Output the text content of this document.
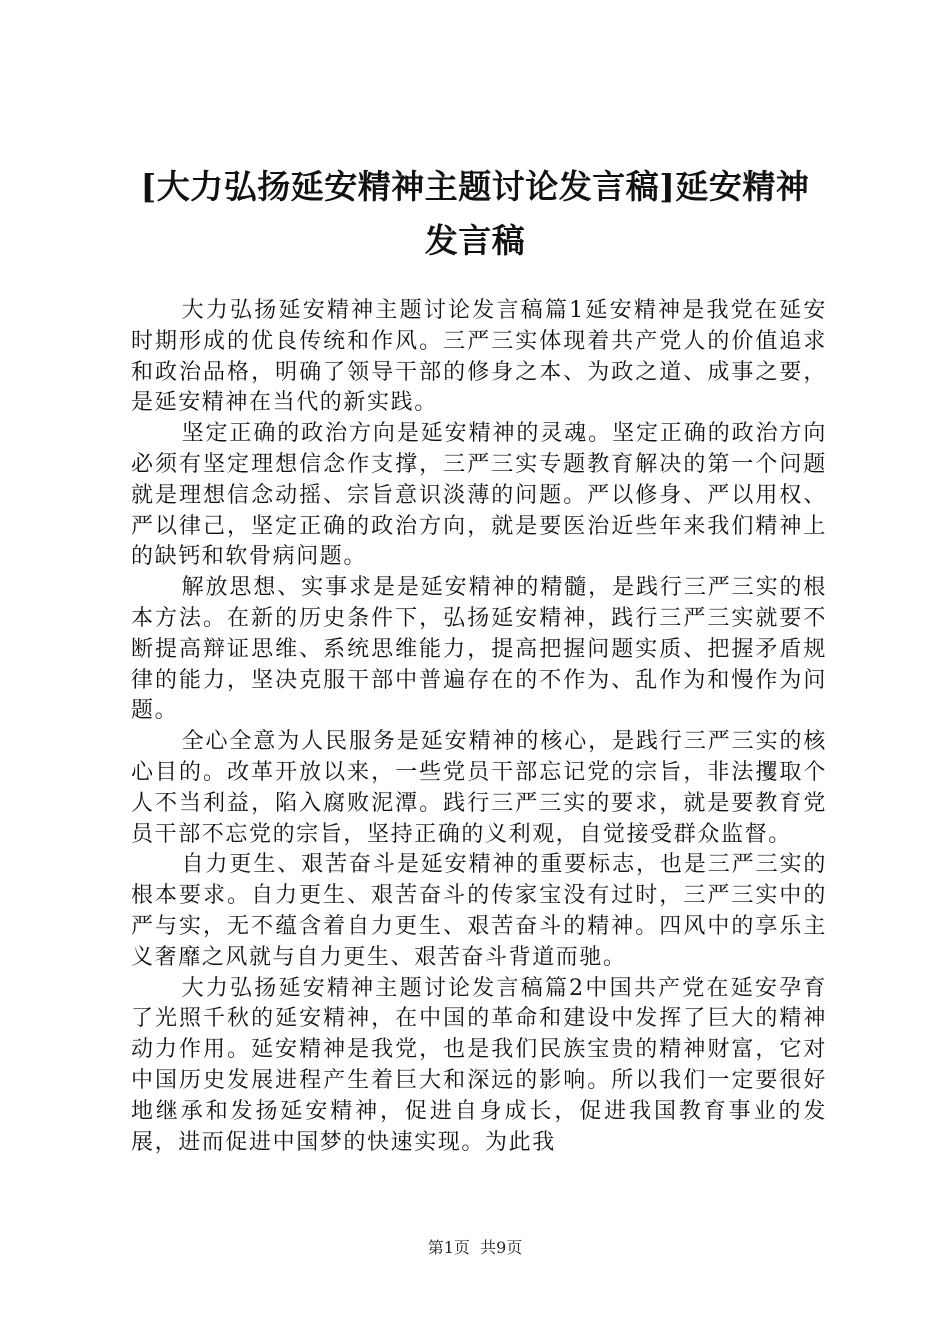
[大力弘扬延安精神主题讨论发言稿]延安精神
发言稿

大力弘扬延安精神主题讨论发言稿篇1延安精神是我党在延安时期形成的优良传统和作风。三严三实体现着共产党人的价值追求和政治品格，明确了领导干部的修身之本、为政之道、成事之要，是延安精神在当代的新实践。

坚定正确的政治方向是延安精神的灵魂。坚定正确的政治方向必须有坚定理想信念作支撑，三严三实专题教育解决的第一个问题就是理想信念动摇、宗旨意识淡薄的问题。严以修身、严以用权、严以律己，坚定正确的政治方向，就是要医治近些年来我们精神上的缺钙和软骨病问题。

解放思想、实事求是是延安精神的精髓，是践行三严三实的根本方法。在新的历史条件下，弘扬延安精神，践行三严三实就要不断提高辩证思维、系统思维能力，提高把握问题实质、把握矛盾规律的能力，坚决克服干部中普遍存在的不作为、乱作为和慢作为问题。

全心全意为人民服务是延安精神的核心，是践行三严三实的核心目的。改革开放以来，一些党员干部忘记党的宗旨，非法攫取个人不当利益，陷入腐败泥潭。践行三严三实的要求，就是要教育党员干部不忘党的宗旨，坚持正确的义利观，自觉接受群众监督。

自力更生、艰苦奋斗是延安精神的重要标志，也是三严三实的根本要求。自力更生、艰苦奋斗的传家宝没有过时，三严三实中的严与实，无不蕴含着自力更生、艰苦奋斗的精神。四风中的享乐主义奢靡之风就与自力更生、艰苦奋斗背道而驰。

大力弘扬延安精神主题讨论发言稿篇2中国共产党在延安孕育了光照千秋的延安精神，在中国的革命和建设中发挥了巨大的精神动力作用。延安精神是我党，也是我们民族宝贵的精神财富，它对中国历史发展进程产生着巨大和深远的影响。所以我们一定要很好地继承和发扬延安精神，促进自身成长，促进我国教育事业的发展，进而促进中国梦的快速实现。为此我

第1页 共9页
